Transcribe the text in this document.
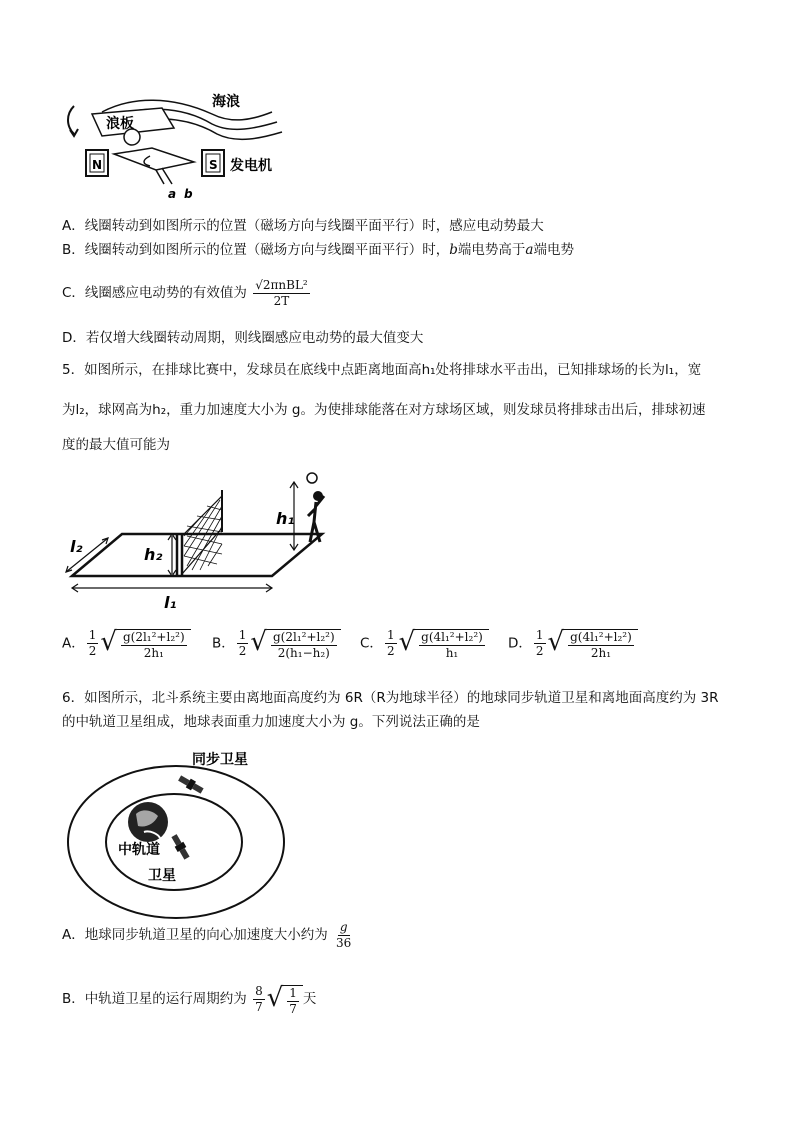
N	S
a b
海浪
浪板
发电机
A．线圈转动到如图所示的位置（磁场方向与线圈平面平行）时，感应电动势最大
B．线圈转动到如图所示的位置（磁场方向与线圈平面平行）时，b端电势高于a端电势
C．线圈感应电动势的有效值为 $\frac{\text{√2πnBL²}}{2T}$
D．若仅增大线圈转动周期，则线圈感应电动势的最大值变大
5．如图所示，在排球比赛中，发球员在底线中点距离地面高h₁处将排球水平击出，已知排球场的长为l₁，宽
为l₂，球网高为h₂，重力加速度大小为 g。为使排球能落在对方球场区域，则发球员将排球击出后，排球初速
度的最大值可能为
h₂
h₁
l₁
l₂
A． $\frac{1}{2}$ √ $\frac{\text{g(2l₁²+l₂²)}}{\text{2h₁}}$ B． $\frac{1}{2}$ √ $\frac{\text{g(2l₁²+l₂²)}}{\text{2(h₁−h₂)}}$ C． $\frac{1}{2}$ √ $\frac{\text{g(4l₁²+l₂²)}}{\text{h₁}}$ D． $\frac{1}{2}$ √ $\frac{\text{g(4l₁²+l₂²)}}{\text{2h₁}}$
6．如图所示，北斗系统主要由离地面高度约为 6R（R为地球半径）的地球同步轨道卫星和离地面高度约为 3R
的中轨道卫星组成，地球表面重力加速度大小为 g。下列说法正确的是
同步卫星
中轨道
卫星
A．地球同步轨道卫星的向心加速度大小约为 $\frac{g}{36}$
B．中轨道卫星的运行周期约为 $\frac{8}{7}$ √ $\frac{1}{7}$ 天
